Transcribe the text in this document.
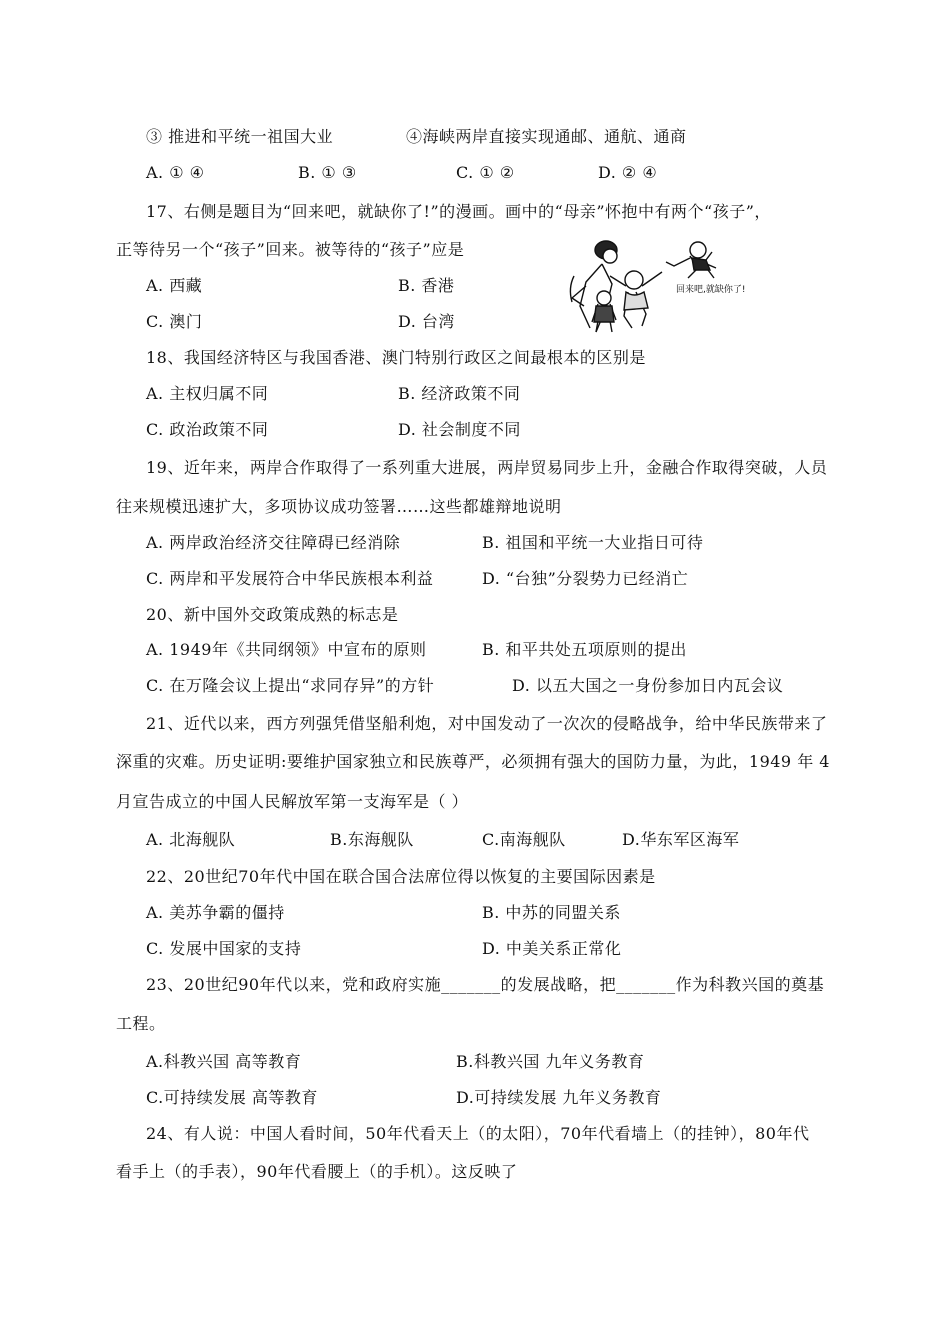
③ 推进和平统一祖国大业	④海峡两岸直接实现通邮、通航、通商
A. ① ④	B. ① ③	C. ① ②	D. ② ④
17、右侧是题目为“回来吧，就缺你了!”的漫画。画中的“母亲”怀抱中有两个“孩子”，
正等待另一个“孩子”回来。被等待的“孩子”应是
A. 西藏	B. 香港
C. 澳门	D. 台湾
回来吧,就缺你了!
18、我国经济特区与我国香港、澳门特别行政区之间最根本的区别是
A. 主权归属不同	B. 经济政策不同
C. 政治政策不同	D. 社会制度不同
19、近年来，两岸合作取得了一系列重大进展，两岸贸易同步上升，金融合作取得突破，人员
往来规模迅速扩大，多项协议成功签署……这些都雄辩地说明
A. 两岸政治经济交往障碍已经消除	B. 祖国和平统一大业指日可待
C. 两岸和平发展符合中华民族根本利益	D. “台独”分裂势力已经消亡
20、新中国外交政策成熟的标志是
A. 1949年《共同纲领》中宣布的原则	B. 和平共处五项原则的提出
C. 在万隆会议上提出“求同存异”的方针	D. 以五大国之一身份参加日内瓦会议
21、近代以来，西方列强凭借坚船利炮，对中国发动了一次次的侵略战争，给中华民族带来了
深重的灾难。历史证明:要维护国家独立和民族尊严，必须拥有强大的国防力量，为此，1949 年 4
月宣告成立的中国人民解放军第一支海军是（ ）
A. 北海舰队	B.东海舰队	C.南海舰队	D.华东军区海军
22、20世纪70年代中国在联合国合法席位得以恢复的主要国际因素是
A. 美苏争霸的僵持	B. 中苏的同盟关系
C. 发展中国家的支持	D. 中美关系正常化
23、20世纪90年代以来，党和政府实施_______的发展战略，把_______作为科教兴国的奠基
工程。
A.科教兴国 高等教育	B.科教兴国 九年义务教育
C.可持续发展 高等教育	D.可持续发展 九年义务教育
24、有人说：中国人看时间，50年代看天上（的太阳），70年代看墙上（的挂钟），80年代
看手上（的手表），90年代看腰上（的手机）。这反映了
